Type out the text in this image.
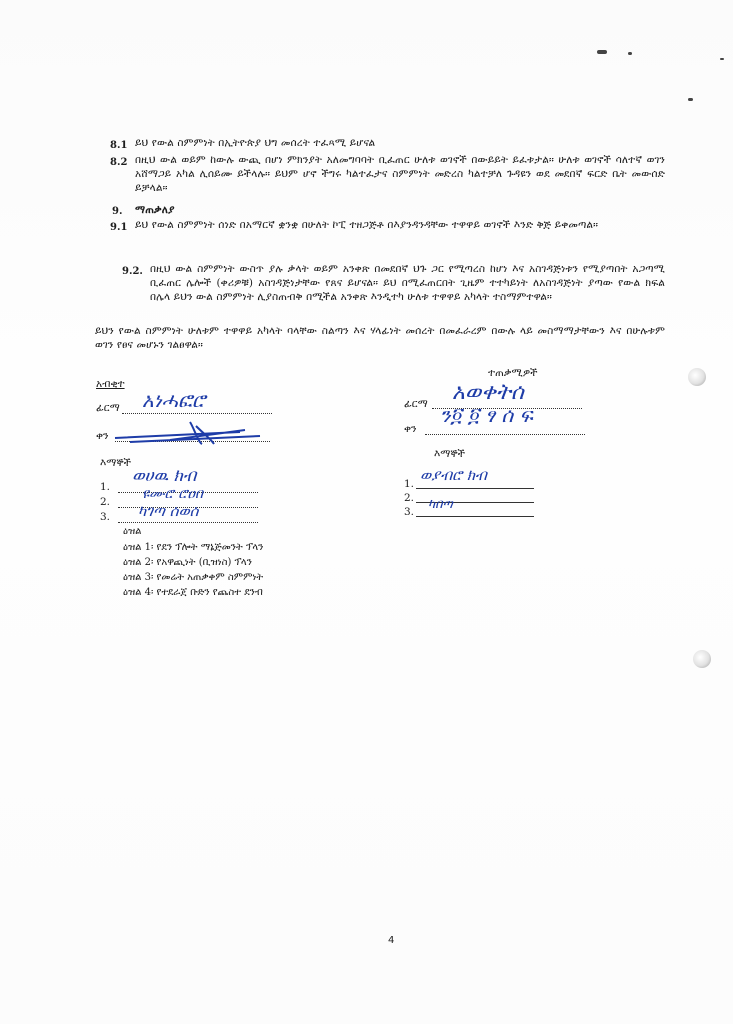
8.1 ይህ የውል ስምምነት በኢትዮጵያ ህግ መሰረት ተፈጻሚ ይሆናል
8.2 በዚህ ውል ወይም ከውሉ ውጪ በሆነ ምክንያት አለመግባባት ቢፈጠር ሁለቱ ወገኖች በውይይት ይፈቱታል። ሁለቱ ወገኖች ሳለተኛ ወገን አሸማጋይ አካል ሊሰይሙ ይችላሉ። ይህም ሆኖ ችግሩ ካልተፈታና ስምምነት መድረስ ካልተቻለ ጉዳዩን ወደ መደበኛ ፍርድ ቤት መውሰድ ይቻላል።
9. ማጠቃለያ
9.1 ይህ የውል ስምምነት ሰነድ በአማርኛ ቋንቋ በሁለት ኮፒ ተዘጋጅቶ በእያንዳንዳቸው ተዋዋይ ወገኖች እንድ ቅጅ ይቀመጣል።
9.2. በዚህ ውል ስምምነት ውስጥ ያሉ ቃላት ወይም አንቀጽ በመደበኛ ህጉ ጋር የሚጣረስ ከሆነ እና አስገዳጅነቱን የሚያጣበት አጋጣሚ ቢፈጠር ሌሎች (ቀሪዎቹ) አስገዳጅነታቸው የጸና ይሆናል። ይህ በሚፈጠርበት ጊዜም ተተካይነት ለአስገዳጅነት ያጣው የውል ክፍል በሌላ ይህን ውል ስምምነት ሊያስጠብቅ በሚችል አንቀጽ እንዲተካ ሁለቱ ተዋዋይ አካላት ተስማምተዋል።
ይህን የውል ስምምነት ሁለቱም ተዋዋይ አካላት ባላቸው ስልጣን እና ሃላፊነት መሰረት በመፈራረም በውሉ ላይ መስማማታቸውን እና በሁሉቱም ወገን የፀና መሆኑን ገልፀዋል።
አብቂተ
ፊርማ አነሓፎሮ
ቀን
ተጠቃሚዎች
ፊርማ አወቀትሰ
ቀን
ን፬ ፬ ፃ ሰ ፍ
እማኞች
1.
ወሀዉ ክብ
2. ዩሙሮ ሮዐበ
3. ካገጣ ሰወሰ
እማኞች
1. ወያብሮ ክብ
2.
3. ካበጣ
ዕዝል
ዕዝል 1፡ የደን ፕሎት ማኔጅመንት ፕላን
ዕዝል 2፡ የአዋጪነት (ቢዝነስ) ፕላን
ዕዝል 3፡ የመሬት አጠቃቀም ስምምነት
ዕዝል 4፡ የተደራጀ ቡድን የጨስተ ደንብ
4
